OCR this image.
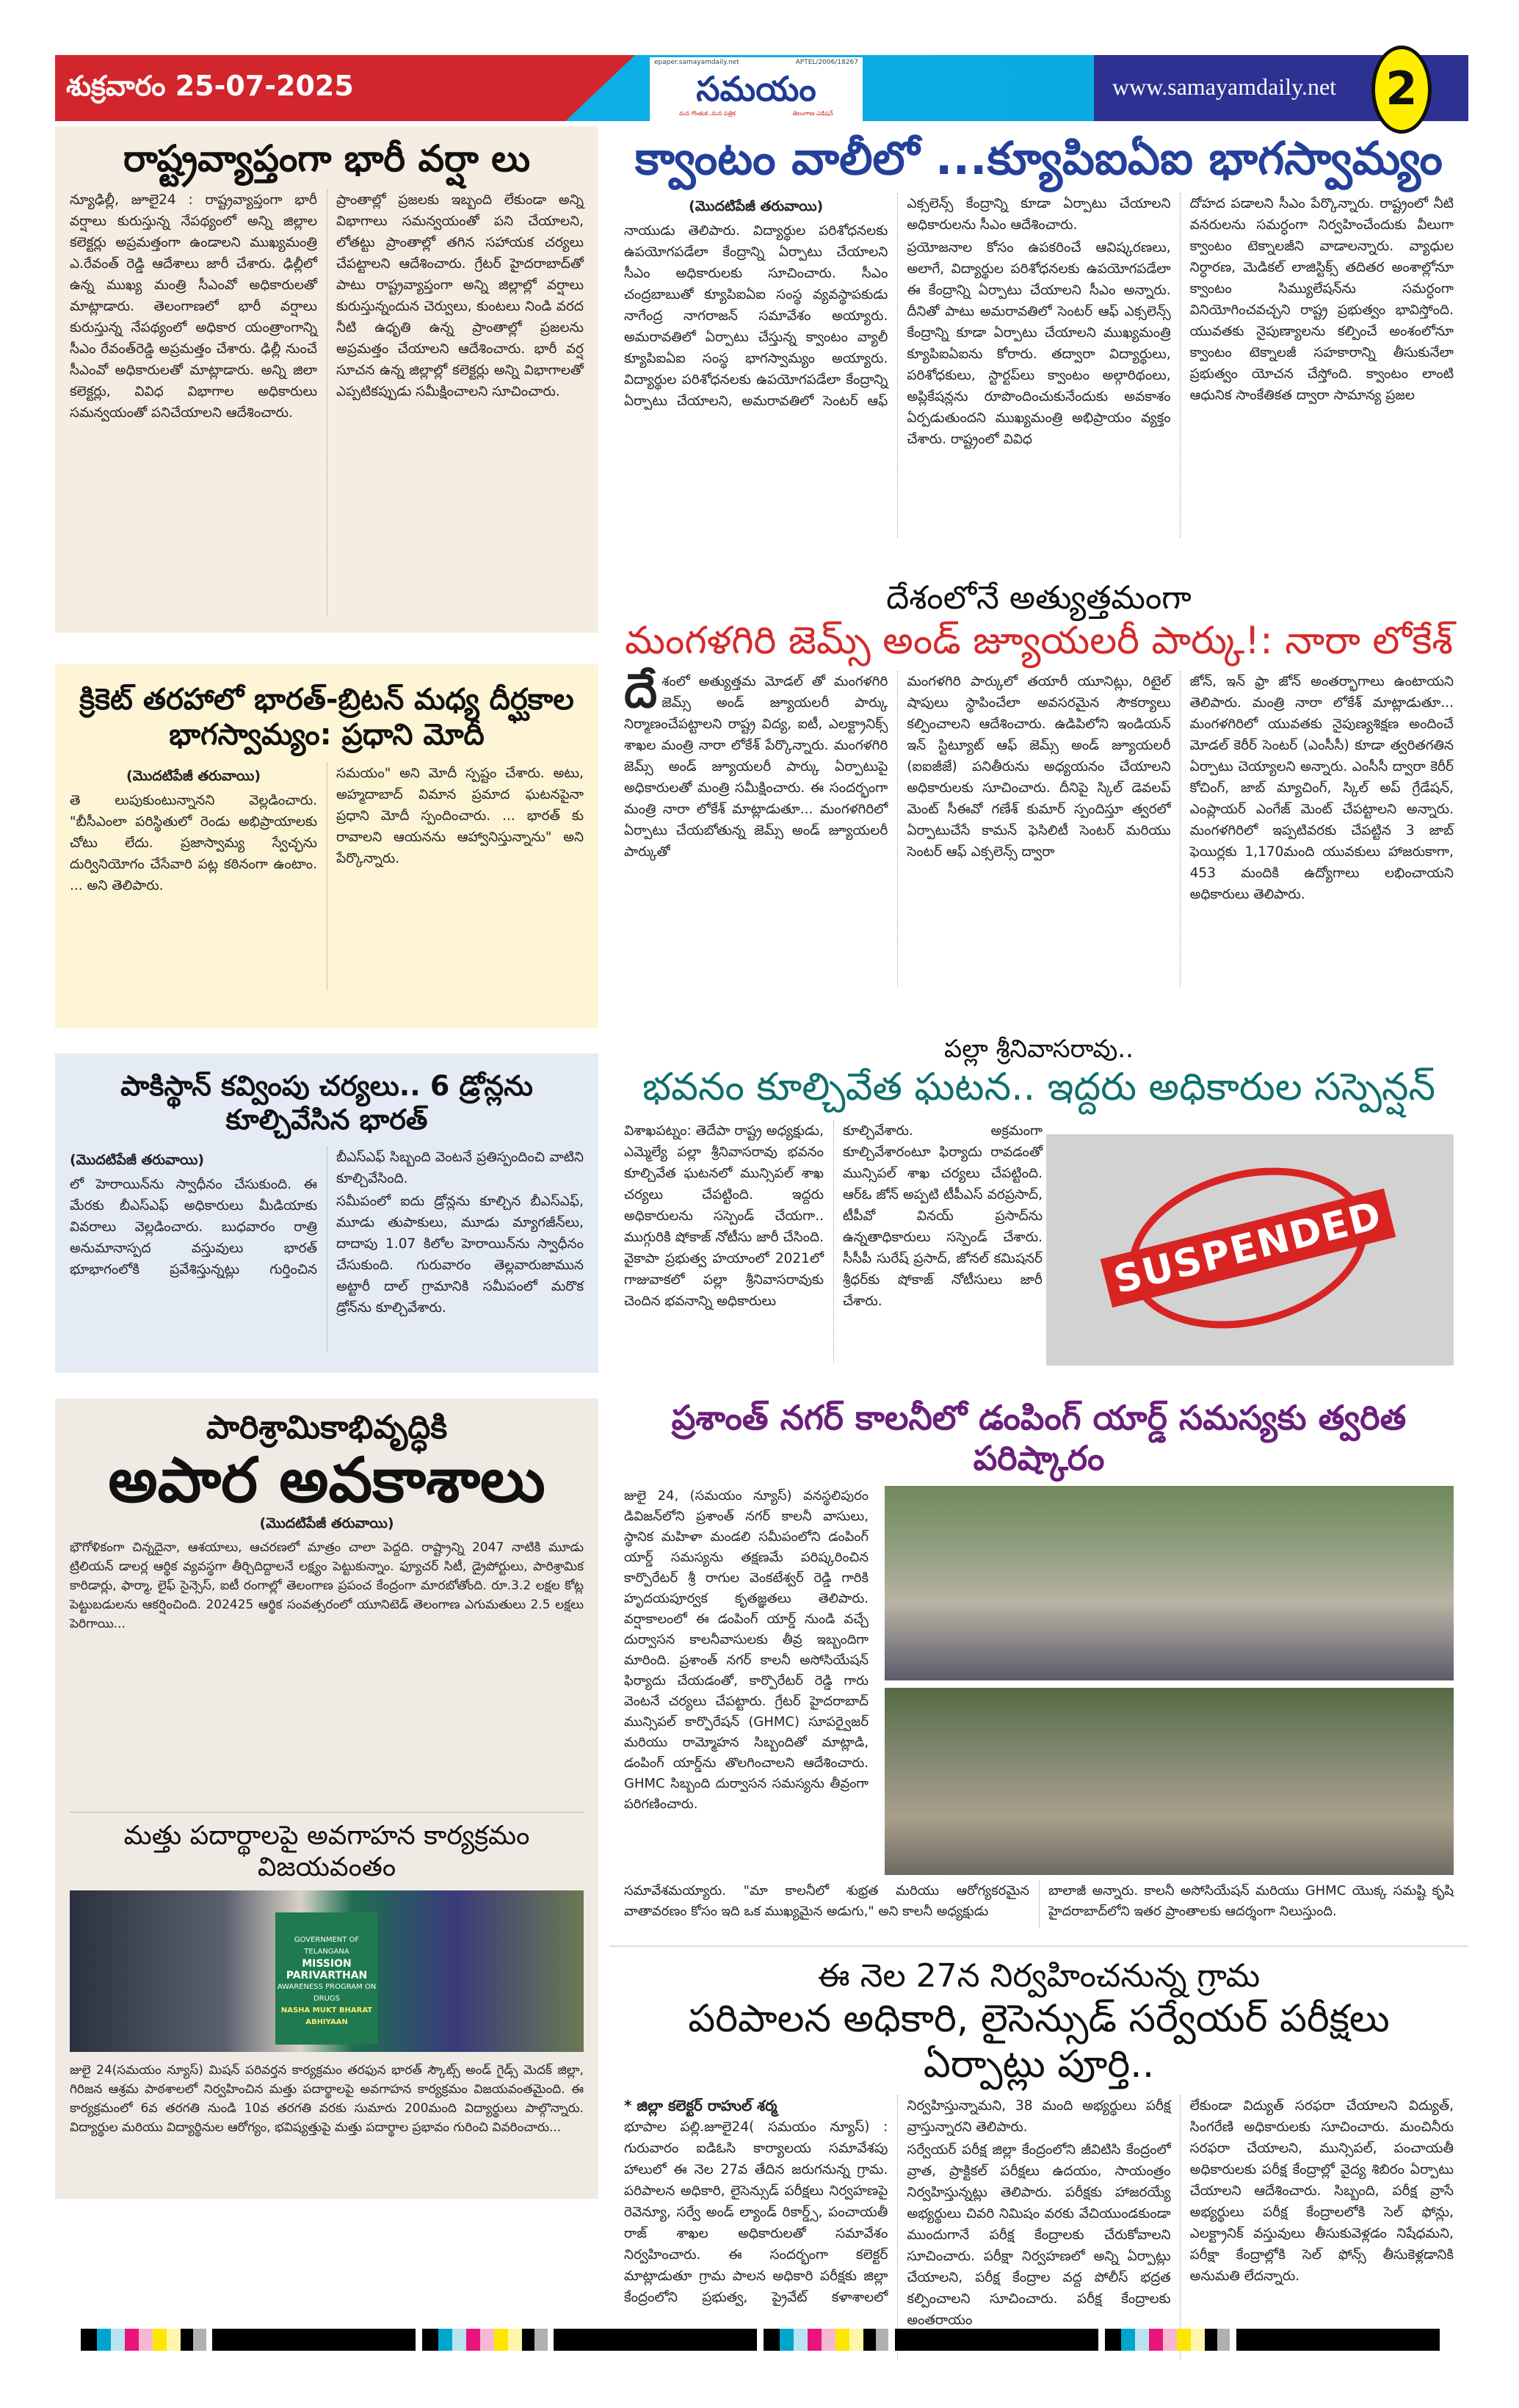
శుక్రవారం 25-07-2025
epaper.samayamdaily.net	APTEL/2006/18267
సమయం
మన గొంతుక..మన పత్రిక	తెలంగాణ ఎడిషన్
www.samayamdaily.net	2
రాష్ట్రవ్యాప్తంగా భారీ వర్షా లు

న్యూఢిల్లీ, జూలై24 : రాష్ట్రవ్యాప్తంగా భారీ వర్షాలు కురుస్తున్న నేపథ్యంలో అన్ని జిల్లాల కలెక్టర్లు అప్రమత్తంగా ఉండాలని ముఖ్యమంత్రి ఎ.రేవంత్ రెడ్డి ఆదేశాలు జారీ చేశారు. ఢిల్లీలో ఉన్న ముఖ్య మంత్రి సీఎంవో అధికారులతో మాట్లాడారు. తెలంగాణలో భారీ వర్షాలు కురుస్తున్న నేపథ్యంలో అధికార యంత్రాంగాన్ని సీఎం రేవంత్‌రెడ్డి అప్రమత్తం చేశారు. ఢిల్లీ నుంచే సీఎంవో అధికారులతో మాట్లాడారు. అన్ని జిలా కలెక్టర్లు, వివిధ విభాగాల అధికారులు సమన్వయంతో పనిచేయాలని ఆదేశించారు.

ప్రాంతాల్లో ప్రజలకు ఇబ్బంది లేకుండా అన్ని విభాగాలు సమన్వయంతో పని చేయాలని, లోతట్టు ప్రాంతాల్లో తగిన సహాయక చర్యలు చేపట్టాలని ఆదేశించారు. గ్రేటర్ హైదరాబాద్‌తో పాటు రాష్ట్రవ్యాప్తంగా అన్ని జిల్లాల్లో వర్షాలు కురుస్తున్నందున చెర్వులు, కుంటలు నిండి వరద నీటి ఉధృతి ఉన్న ప్రాంతాల్లో ప్రజలను అప్రమత్తం చేయాలని ఆదేశించారు. భారీ వర్ష సూచన ఉన్న జిల్లాల్లో కలెక్టర్లు అన్ని విభాగాలతో ఎప్పటికప్పుడు సమీక్షించాలని సూచించారు.

క్రికెట్ తరహాలో భారత్-బ్రిటన్ మధ్య దీర్ఘకాల భాగస్వామ్యం: ప్రధాని మోదీ
(మొదటిపేజీ తరువాయి)

తె లుపుకుంటున్నానని వెల్లడించారు. "బీసీఎంలా పరిస్థితులో రెండు అభిప్రాయాలకు చోటు లేదు. ప్రజాస్వామ్య స్వేచ్ఛను దుర్వినియోగం చేసేవారి పట్ల కఠినంగా ఉంటాం. ... అని తెలిపారు.

సమయం" అని మోదీ స్పష్టం చేశారు. అటు, అహ్మదాబాద్ విమాన ప్రమాద ఘటనపైనా ప్రధాని మోదీ స్పందించారు. ... భారత్ కు రావాలని ఆయనను ఆహ్వానిస్తున్నాను" అని పేర్కొన్నారు.

పాకిస్థాన్ కవ్వింపు చర్యలు.. 6 డ్రోన్లను కూల్చివేసిన భారత్
(మొదటిపేజీ తరువాయి)

లో హెరాయిన్‌ను స్వాధీనం చేసుకుంది. ఈ మేరకు బీఎస్ఎఫ్ అధికారులు మీడియాకు వివరాలు వెల్లడించారు. బుధవారం రాత్రి అనుమానాస్పద వస్తువులు భారత్ భూభాగంలోకి ప్రవేశిస్తున్నట్లు గుర్తించిన బీఎస్ఎఫ్ సిబ్బంది వెంటనే ప్రతిస్పందించి వాటిని కూల్చివేసింది.

సమీపంలో ఐదు డ్రోన్లను కూల్చిన బీఎస్ఎఫ్, మూడు తుపాకులు, మూడు మ్యాగజీన్‌లు, దాదాపు 1.07 కిలోల హెరాయిన్‌ను స్వాధీనం చేసుకుంది. గురువారం తెల్లవారుజామున అట్టారీ దాల్ గ్రామానికి సమీపంలో మరొక డ్రోన్‌ను కూల్చివేశారు.

పారిశ్రామికాభివృద్ధికి
అపార అవకాశాలు
(మొదటిపేజీ తరువాయి)

భౌగోళికంగా చిన్నదైనా, ఆశయాలు, ఆచరణలో మాత్రం చాలా పెద్దది. రాష్ట్రాన్ని 2047 నాటికి మూడు ట్రిలియన్ డాలర్ల ఆర్థిక వ్యవస్థగా తీర్చిదిద్దాలనే లక్ష్యం పెట్టుకున్నాం. ఫ్యూచర్ సిటీ, డ్రైపోర్టులు, పారిశ్రామిక కారిడార్లు, ఫార్మా, లైఫ్ సైన్సెస్, ఐటీ రంగాల్లో తెలంగాణ ప్రపంచ కేంద్రంగా మారబోతోంది. రూ.3.2 లక్షల కోట్ల పెట్టుబడులను ఆకర్షించింది. 202425 ఆర్థిక సంవత్సరంలో యూనిటెడ్ తెలంగాణ ఎగుమతులు 2.5 లక్షలు పెరిగాయి...

మత్తు పదార్థాలపై అవగాహన కార్యక్రమం విజయవంతం
GOVERNMENT OF TELANGANA
MISSION
PARIVARTHAN
AWARENESS PROGRAM ON DRUGS
NASHA MUKT BHARAT ABHIYAAN

జులై 24(సమయం న్యూస్) మిషన్ పరివర్తన కార్యక్రమం తరఫున భారత్ స్కౌట్స్ అండ్ గైడ్స్ మెదక్ జిల్లా, గిరిజన ఆశ్రమ పాఠశాలలో నిర్వహించిన మత్తు పదార్థాలపై అవగాహన కార్యక్రమం విజయవంతమైంది. ఈ కార్యక్రమంలో 6వ తరగతి నుండి 10వ తరగతి వరకు సుమారు 200మంది విద్యార్థులు పాల్గొన్నారు. విద్యార్థుల మరియు విద్యార్థినుల ఆరోగ్యం, భవిష్యత్తుపై మత్తు పదార్థాల ప్రభావం గురించి వివరించారు...

క్వాంటం వాలీలో ...క్యూపిఐఏఐ భాగస్వామ్యం
(మొదటిపేజీ తరువాయి)

నాయుడు తెలిపారు. విద్యార్థుల పరిశోధనలకు ఉపయోగపడేలా కేంద్రాన్ని ఏర్పాటు చేయాలని సీఎం అధికారులకు సూచించారు. సీఎం చంద్రబాబుతో క్యూపిఐఏఐ సంస్థ వ్యవస్థాపకుడు నాగేంద్ర నాగరాజన్ సమావేశం అయ్యారు. అమరావతిలో ఏర్పాటు చేస్తున్న క్వాంటం వ్యాలీ క్యూపిఐఏఐ సంస్థ భాగస్వామ్యం అయ్యారు. విద్యార్థుల పరిశోధనలకు ఉపయోగపడేలా కేంద్రాన్ని ఏర్పాటు చేయాలని, అమరావతిలో సెంటర్ ఆఫ్ ఎక్సలెన్స్ కేంద్రాన్ని కూడా ఏర్పాటు చేయాలని అధికారులను సీఎం ఆదేశించారు.

ప్రయోజనాల కోసం ఉపకరించే ఆవిష్కరణలు, అలాగే, విద్యార్థుల పరిశోధనలకు ఉపయోగపడేలా ఈ కేంద్రాన్ని ఏర్పాటు చేయాలని సీఎం అన్నారు. దీనితో పాటు అమరావతిలో సెంటర్ ఆఫ్ ఎక్సలెన్స్ కేంద్రాన్ని కూడా ఏర్పాటు చేయాలని ముఖ్యమంత్రి క్యూపిఐఏఐను కోరారు. తద్వారా విద్యార్థులు, పరిశోధకులు, స్టార్టప్‌లు క్వాంటం అల్గారిథంలు, అప్లికేషన్లను రూపొందించుకునేందుకు అవకాశం ఏర్పడుతుందని ముఖ్యమంత్రి అభిప్రాయం వ్యక్తం చేశారు. రాష్ట్రంలో వివిధ

దోహద పడాలని సీఎం పేర్కొన్నారు. రాష్ట్రంలో నీటి వనరులను సమర్ధంగా నిర్వహించేందుకు వీలుగా క్వాంటం టెక్నాలజీని వాడాలన్నారు. వ్యాధుల నిర్ధారణ, మెడికల్ లాజిస్టిక్స్ తదితర అంశాల్లోనూ క్వాంటం సిమ్యులేషన్‌ను సమర్ధంగా వినియోగించవచ్చని రాష్ట్ర ప్రభుత్వం భావిస్తోంది. యువతకు నైపుణ్యాలను కల్పించే అంశంలోనూ క్వాంటం టెక్నాలజీ సహకారాన్ని తీసుకునేలా ప్రభుత్వం యోచన చేస్తోంది. క్వాంటం లాంటి ఆధునిక సాంకేతికత ద్వారా సామాన్య ప్రజల

దేశంలోనే అత్యుత్తమంగా
మంగళగిరి జెమ్స్ అండ్ జ్యూయలరీ పార్కు!: నారా లోకేశ్
దే శంలో అత్యుత్తమ మోడల్ తో మంగళగిరి జెమ్స్ అండ్ జ్యూయలరీ పార్కు నిర్మాణంచేపట్టాలని రాష్ట్ర విద్య, ఐటీ, ఎలక్ట్రానిక్స్ శాఖల మంత్రి నారా లోకేశ్ పేర్కొన్నారు. మంగళగిరి జెమ్స్ అండ్ జ్యూయలరీ పార్కు ఏర్పాటుపై అధికారులతో మంత్రి సమీక్షించారు. ఈ సందర్భంగా మంత్రి నారా లోకేశ్ మాట్లాడుతూ... మంగళగిరిలో ఏర్పాటు చేయబోతున్న జెమ్స్ అండ్ జ్యూయలరీ పార్కుతో

మంగళగిరి పార్కులో తయారీ యూనిట్లు, రిటైల్ షాపులు స్థాపించేలా అవసరమైన సౌకర్యాలు కల్పించాలని ఆదేశించారు. ఉడిపిలోని ఇండియన్ ఇన్ స్టిట్యూట్ ఆఫ్ జెమ్స్ అండ్ జ్యూయలరీ (ఐఐజీజే) పనితీరును అధ్యయనం చేయాలని అధికారులకు సూచించారు. దీనిపై స్కిల్ డెవలప్ మెంట్ సీఈవో గణేశ్ కుమార్ స్పందిస్తూ త్వరలో ఏర్పాటుచేసే కామన్ ఫెసిలిటీ సెంటర్ మరియు సెంటర్ ఆఫ్ ఎక్సలెన్స్ ద్వారా

జోన్, ఇన్ ఫ్రా జోన్ అంతర్భాగాలు ఉంటాయని తెలిపారు. మంత్రి నారా లోకేశ్ మాట్లాడుతూ... మంగళగిరిలో యువతకు నైపుణ్యశిక్షణ అందించే మోడల్ కెరీర్ సెంటర్ (ఎంసీసీ) కూడా త్వరితగతిన ఏర్పాటు చెయ్యాలని అన్నారు. ఎంసీసీ ద్వారా కెరీర్ కోచింగ్, జాబ్ మ్యాచింగ్, స్కిల్ అప్ గ్రేడేషన్, ఎంప్లాయర్ ఎంగేజ్ మెంట్ చేపట్టాలని అన్నారు. మంగళగిరిలో ఇప్పటివరకు చేపట్టిన 3 జాబ్ ఫెయిర్లకు 1,170మంది యువకులు హాజరుకాగా, 453 మందికి ఉద్యోగాలు లభించాయని అధికారులు తెలిపారు.

పల్లా శ్రీనివాసరావు..
భవనం కూల్చివేత ఘటన.. ఇద్దరు అధికారుల సస్పెన్షన్

విశాఖపట్నం: తెదేపా రాష్ట్ర అధ్యక్షుడు, ఎమ్మెల్యే పల్లా శ్రీనివాసరావు భవనం కూల్చివేత ఘటనలో మున్సిపల్ శాఖ చర్యలు చేపట్టింది. ఇద్దరు అధికారులను సస్పెండ్ చేయగా.. ముగ్గురికి షోకాజ్ నోటీసు జారీ చేసింది. వైకాపా ప్రభుత్వ హయాంలో 2021లో గాజువాకలో పల్లా శ్రీనివాసరావుకు చెందిన భవనాన్ని అధికారులు

కూల్చివేశారు. అక్రమంగా కూల్చివేశారంటూ ఫిర్యాదు రావడంతో మున్సిపల్ శాఖ చర్యలు చేపట్టింది. ఆర్ఓ జోన్ అప్పటి టీపీఎస్ వరప్రసాద్, టీపీవో వినయ్ ప్రసాద్‌ను ఉన్నతాధికారులు సస్పెండ్ చేశారు. సీసీపీ సురేష్ ప్రసాద్, జోనల్ కమిషనర్ శ్రీధర్‌కు షోకాజ్ నోటీసులు జారీ చేశారు.	SUSPENDED
ప్రశాంత్ నగర్ కాలనీలో డంపింగ్ యార్డ్ సమస్యకు త్వరిత పరిష్కారం

జులై 24, (సమయం న్యూస్) వనస్థలిపురం డివిజన్‌లోని ప్రశాంత్ నగర్ కాలనీ వాసులు, స్థానిక మహిళా మండలి సమీపంలోని డంపింగ్ యార్డ్ సమస్యను తక్షణమే పరిష్కరించిన కార్పొరేటర్ శ్రీ రాగుల వెంకటేశ్వర్ రెడ్డి గారికి హృదయపూర్వక కృతజ్ఞతలు తెలిపారు. వర్షాకాలంలో ఈ డంపింగ్ యార్డ్ నుండి వచ్చే దుర్వాసన కాలనీవాసులకు తీవ్ర ఇబ్బందిగా మారింది. ప్రశాంత్ నగర్ కాలనీ అసోసియేషన్ ఫిర్యాదు చేయడంతో, కార్పొరేటర్ రెడ్డి గారు వెంటనే చర్యలు చేపట్టారు. గ్రేటర్ హైదరాబాద్ మున్సిపల్ కార్పొరేషన్ (GHMC) సూపర్వైజర్ మరియు రామ్మోహన సిబ్బందితో మాట్లాడి, డంపింగ్ యార్డ్‌ను తొలగించాలని ఆదేశించారు. GHMC సిబ్బంది దుర్వాసన సమస్యను తీవ్రంగా పరిగణించారు.

సమావేశమయ్యారు. "మా కాలనీలో శుభ్రత మరియు ఆరోగ్యకరమైన వాతావరణం కోసం ఇది ఒక ముఖ్యమైన అడుగు," అని కాలనీ అధ్యక్షుడు

బాలాజీ అన్నారు. కాలనీ అసోసియేషన్ మరియు GHMC యొక్క సమష్టి కృషి హైదరాబాద్‌లోని ఇతర ప్రాంతాలకు ఆదర్శంగా నిలుస్తుంది.

ఈ నెల 27న నిర్వహించనున్న గ్రామ
పరిపాలన అధికారి, లైసెన్సుడ్ సర్వేయర్ పరీక్షలు ఏర్పాట్లు పూర్తి..
* జిల్లా కలెక్టర్ రాహుల్ శర్మ

భూపాల పల్లి.జూలై24( సమయం న్యూస్) : గురువారం ఐడిఓసి కార్యాలయ సమావేశపు హాలులో ఈ నెల 27వ తేదిన జరుగనున్న గ్రామ. పరిపాలన అధికారి, లైసెన్సుడ్ పరీక్షలు నిర్వహణపై రెవెన్యూ, సర్వే అండ్ ల్యాండ్ రికార్డ్స్, పంచాయతీ రాజ్ శాఖల అధికారులతో సమావేశం నిర్వహించారు. ఈ సందర్భంగా కలెక్టర్ మాట్లాడుతూ గ్రామ పాలన అధికారి పరీక్షకు జిల్లా కేంద్రంలోని ప్రభుత్వ, ప్రైవేట్ కళాశాలలో నిర్వహిస్తున్నామని, 38 మంది అభ్యర్థులు పరీక్ష వ్రాస్తున్నారని తెలిపారు.

సర్వేయర్ పరీక్ష జిల్లా కేంద్రంలోని జీవిటిసి కేంద్రంలో వ్రాత, ప్రాక్టికల్ పరీక్షలు ఉదయం, సాయంత్రం నిర్వహిస్తున్నట్లు తెలిపారు. పరీక్షకు హాజరయ్యే అభ్యర్థులు చివరి నిమిషం వరకు వేచియుండకుండా ముందుగానే పరీక్ష కేంద్రాలకు చేరుకోవాలని సూచించారు. పరీక్షా నిర్వహణలో అన్ని ఏర్పాట్లు చేయాలని, పరీక్ష కేంద్రాల వద్ద పోలీస్ భద్రత కల్పించాలని సూచించారు. పరీక్ష కేంద్రాలకు అంతరాయం

లేకుండా విద్యుత్ సరఫరా చేయాలని విద్యుత్, సింగరేణి అధికారులకు సూచించారు. మంచినీరు సరఫరా చేయాలని, మున్సిపల్, పంచాయతీ అధికారులకు పరీక్ష కేంద్రాల్లో వైద్య శిబిరం ఏర్పాటు చేయాలని ఆదేశించారు. సిబ్బంది, పరీక్ష వ్రాసే అభ్యర్థులు పరీక్ష కేంద్రాలలోకి సెల్ ఫోన్లు, ఎలక్ట్రానిక్ వస్తువులు తీసుకువెళ్లడం నిషేధమని, పరీక్షా కేంద్రాల్లోకి సెల్ ఫోన్స్ తీసుకెళ్లడానికి అనుమతి లేదన్నారు.
